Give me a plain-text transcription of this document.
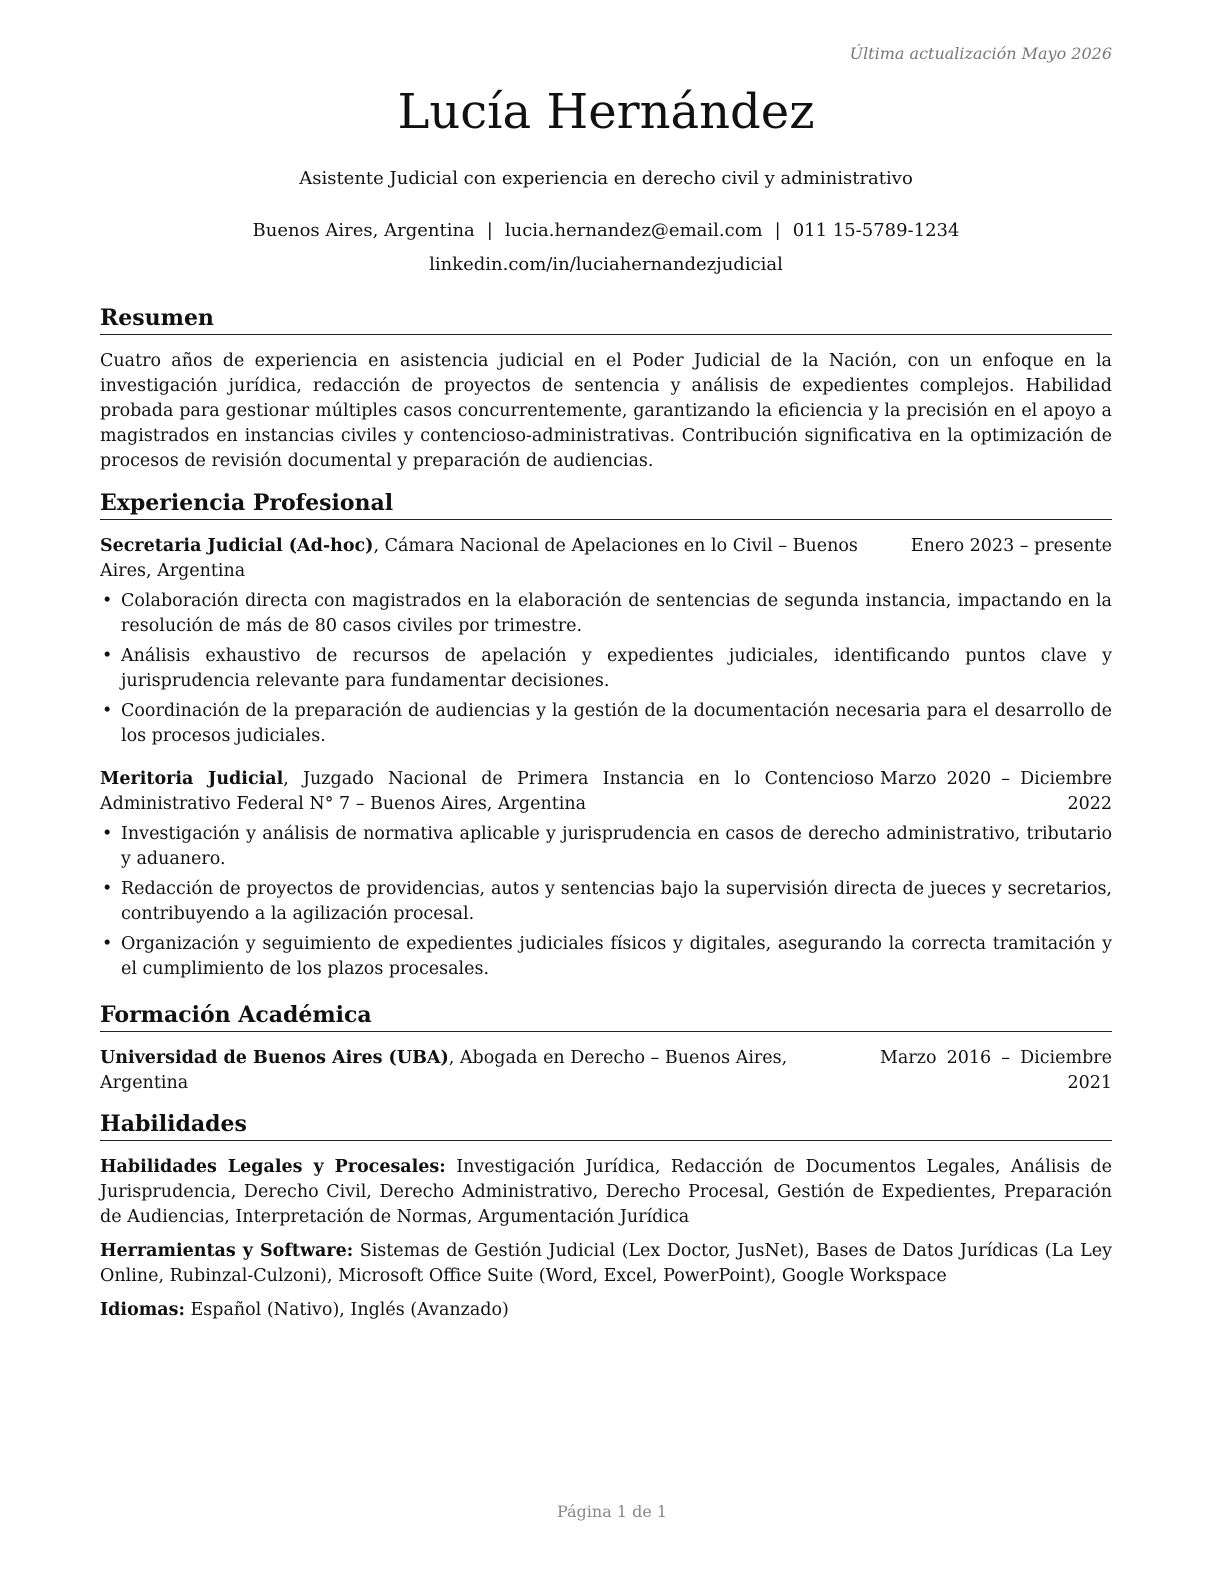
Última actualización Mayo 2026
Lucía Hernández
Asistente Judicial con experiencia en derecho civil y administrativo
Buenos Aires, Argentina | lucia.hernandez@email.com | 011 15-5789-1234
linkedin.com/in/luciahernandezjudicial
Resumen
Cuatro años de experiencia en asistencia judicial en el Poder Judicial de la Nación, con un enfoque en la investigación jurídica, redacción de proyectos de sentencia y análisis de expedientes complejos. Habilidad probada para gestionar múltiples casos concurrentemente, garantizando la eficiencia y la precisión en el apoyo a magistrados en instancias civiles y contencioso-administrativas. Contribución significativa en la optimización de procesos de revisión documental y preparación de audiencias.
Experiencia Profesional
Secretaria Judicial (Ad-hoc), Cámara Nacional de Apelaciones en lo Civil – Buenos Aires, Argentina
Enero 2023 – presente
• Colaboración directa con magistrados en la elaboración de sentencias de segunda instancia, impactando en la resolución de más de 80 casos civiles por trimestre.
• Análisis exhaustivo de recursos de apelación y expedientes judiciales, identificando puntos clave y jurisprudencia relevante para fundamentar decisiones.
• Coordinación de la preparación de audiencias y la gestión de la documentación necesaria para el desarrollo de los procesos judiciales.
Meritoria Judicial, Juzgado Nacional de Primera Instancia en lo Contencioso Administrativo Federal N° 7 – Buenos Aires, Argentina
Marzo 2020 – Diciembre 2022
• Investigación y análisis de normativa aplicable y jurisprudencia en casos de derecho administrativo, tributario y aduanero.
• Redacción de proyectos de providencias, autos y sentencias bajo la supervisión directa de jueces y secretarios, contribuyendo a la agilización procesal.
• Organización y seguimiento de expedientes judiciales físicos y digitales, asegurando la correcta tramitación y el cumplimiento de los plazos procesales.
Formación Académica
Universidad de Buenos Aires (UBA), Abogada en Derecho – Buenos Aires, Argentina
Marzo 2016 – Diciembre 2021
Habilidades
Habilidades Legales y Procesales: Investigación Jurídica, Redacción de Documentos Legales, Análisis de Jurisprudencia, Derecho Civil, Derecho Administrativo, Derecho Procesal, Gestión de Expedientes, Preparación de Audiencias, Interpretación de Normas, Argumentación Jurídica
Herramientas y Software: Sistemas de Gestión Judicial (Lex Doctor, JusNet), Bases de Datos Jurídicas (La Ley Online, Rubinzal-Culzoni), Microsoft Office Suite (Word, Excel, PowerPoint), Google Workspace
Idiomas: Español (Nativo), Inglés (Avanzado)
Página 1 de 1
